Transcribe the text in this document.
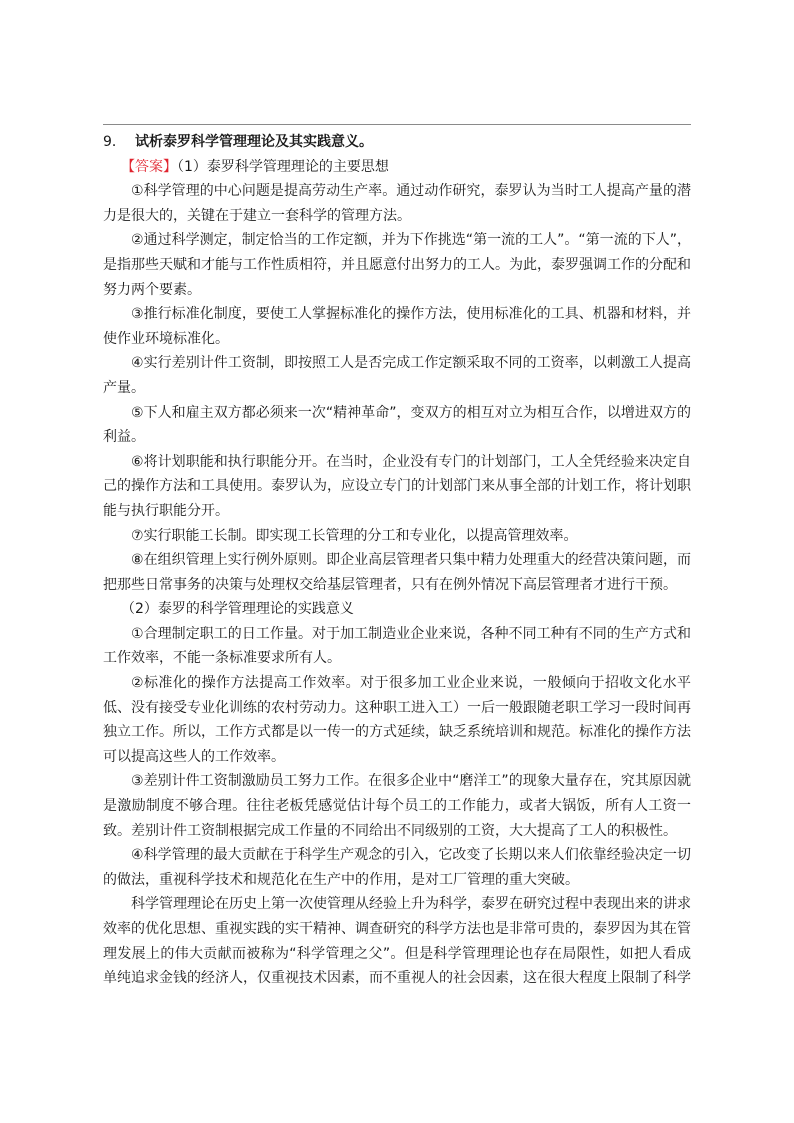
9． 试析泰罗科学管理理论及其实践意义。

【答案】（1）泰罗科学管理理论的主要思想

①科学管理的中心问题是提高劳动生产率。通过动作研究，泰罗认为当时工人提高产量的潜力是很大的，关键在于建立一套科学的管理方法。

②通过科学测定，制定恰当的工作定额，并为下作挑选“第一流的工人”。“第一流的下人”，是指那些天赋和才能与工作性质相符，并且愿意付出努力的工人。为此，泰罗强调工作的分配和努力两个要素。

③推行标准化制度，要使工人掌握标准化的操作方法，使用标准化的工具、机器和材料，并使作业环境标准化。

④实行差别计件工资制，即按照工人是否完成工作定额采取不同的工资率，以刺激工人提高产量。

⑤下人和雇主双方都必须来一次“精神革命”，变双方的相互对立为相互合作，以增进双方的利益。

⑥将计划职能和执行职能分开。在当时，企业没有专门的计划部门，工人全凭经验来决定自己的操作方法和工具使用。泰罗认为，应设立专门的计划部门来从事全部的计划工作，将计划职能与执行职能分开。

⑦实行职能工长制。即实现工长管理的分工和专业化，以提高管理效率。

⑧在组织管理上实行例外原则。即企业高层管理者只集中精力处理重大的经营决策问题，而把那些日常事务的决策与处理权交给基层管理者，只有在例外情况下高层管理者才进行干预。

（2）泰罗的科学管理理论的实践意义

①合理制定职工的日工作量。对于加工制造业企业来说，各种不同工种有不同的生产方式和工作效率，不能一条标准要求所有人。

②标准化的操作方法提高工作效率。对于很多加工业企业来说，一般倾向于招收文化水平低、没有接受专业化训练的农村劳动力。这种职工进入工）一后一般跟随老职工学习一段时间再独立工作。所以，工作方式都是以一传一的方式延续，缺乏系统培训和规范。标准化的操作方法可以提高这些人的工作效率。

③差别计件工资制激励员工努力工作。在很多企业中“磨洋工”的现象大量存在，究其原因就是激励制度不够合理。往往老板凭感觉估计每个员工的工作能力，或者大锅饭，所有人工资一致。差别计件工资制根据完成工作量的不同给出不同级别的工资，大大提高了工人的积极性。

④科学管理的最大贡献在于科学生产观念的引入，它改变了长期以来人们依靠经验决定一切的做法，重视科学技术和规范化在生产中的作用，是对工厂管理的重大突破。

科学管理理论在历史上第一次使管理从经验上升为科学，泰罗在研究过程中表现出来的讲求效率的优化思想、重视实践的实干精神、调查研究的科学方法也是非常可贵的，泰罗因为其在管理发展上的伟大贡献而被称为“科学管理之父”。但是科学管理理论也存在局限性，如把人看成单纯追求金钱的经济人，仅重视技术因素，而不重视人的社会因素，这在很大程度上限制了科学
